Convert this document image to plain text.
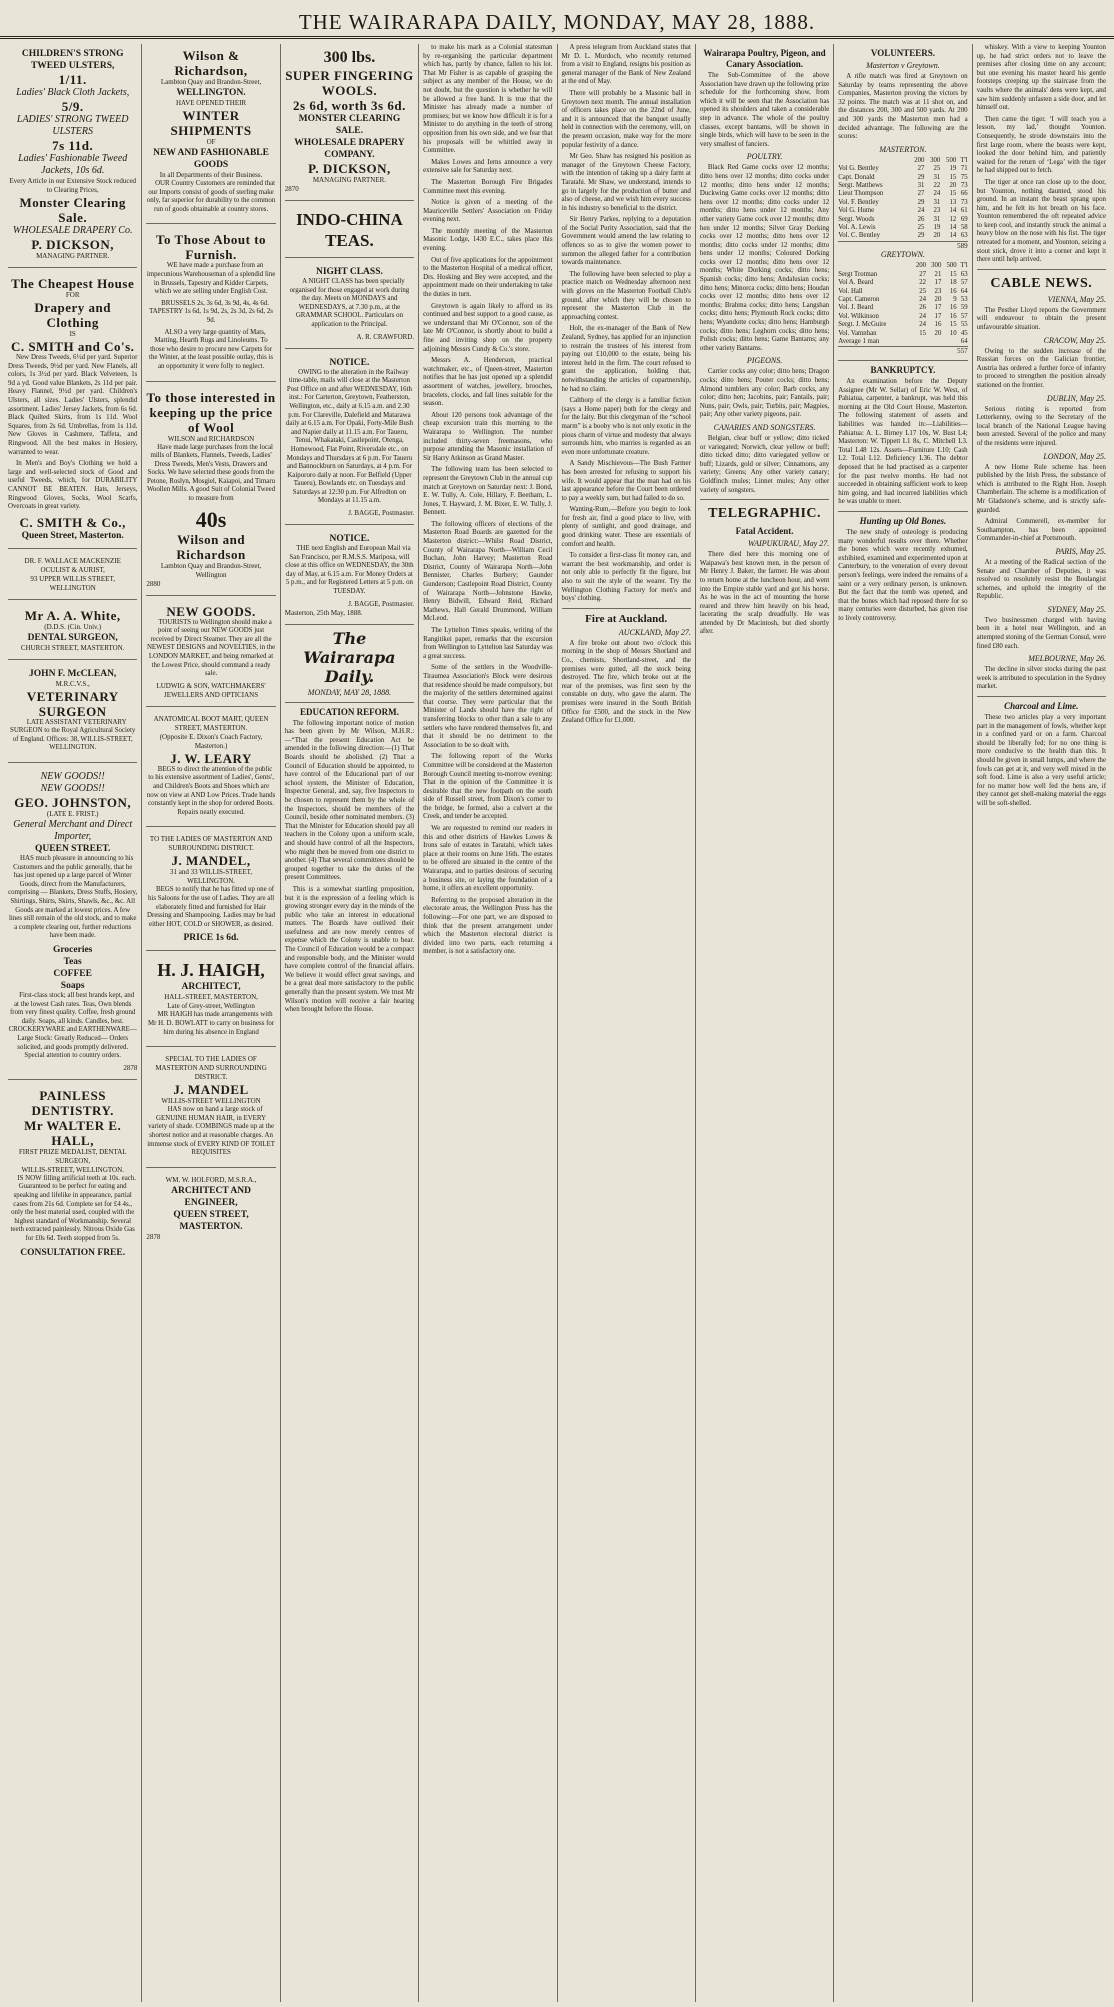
THE WAIRARAPA DAILY, MONDAY, MAY 28, 1888.
CHILDREN'S STRONG TWEED ULSTERS,
1/11.
Ladies' Black Cloth Jackets,
5/9.
LADIES' STRONG TWEED ULSTERS
7s 11d.
Ladies' Fashionable Tweed Jackets, 10s 6d.
Every Article in our Extensive Stock reduced to Clearing Prices,
Monster Clearing Sale.
WHOLESALE DRAPERY Co.
P. DICKSON,
MANAGING PARTNER.
The Cheapest House
FOR
Drapery and Clothing
IS
C. SMITH and Co's.

New Dress Tweeds, 6½d per yard. Superior Dress Tweeds, 9½d per yard. New Flanels, all colors, 1s 3½d per yard. Black Velveteen, 1s 9d a yd. Good value Blankets, 2s 11d per pair. Heavy Flannel, 9½d per yard. Children's Ulsters, all sizes. Ladies' Ulsters, splendid assortment. Ladies' Jersey Jackets, from 6s 6d. Black Quilted Skirts, from 1s 11d. Wool Squares, from 2s 6d. Umbrellas, from 1s 11d. New Gloves in Cashmere, Taffeta, and Ringwood. All the best makes in Hosiery, warranted to wear.

In Men's and Boy's Clothing we hold a large and well-selected stock of Good and useful Tweeds, which, for DURABILITY CANNOT BE BEATEN. Hats, Jerseys, Ringwood Gloves, Socks, Wool Scarfs, Overcoats in great variety.

C. SMITH & Co.,
Queen Street, Masterton.
DR. F. WALLACE MACKENZIE
OCULIST & AURIST,
93 UPPER WILLIS STREET, WELLINGTON
Mr A. A. White,
(D.D.S. (Cin. Univ.)
DENTAL SURGEON,
CHURCH STREET, MASTERTON.
JOHN F. McCLEAN,
M.R.C.V.S.,
VETERINARY SURGEON

LATE ASSISTANT VETERINARY SURGEON to the Royal Agricultural Society of England. Offices: 38, WILLIS-STREET, WELLINGTON.

NEW GOODS!!
NEW GOODS!!
GEO. JOHNSTON,
(LATE E. FRIST.)
General Merchant and Direct Importer,
QUEEN STREET.

HAS much pleasure in announcing to his Customers and the public generally, that he has just opened up a large parcel of Winter Goods, direct from the Manufacturers, comprising — Blankets, Dress Stuffs, Hosiery, Shirtings, Shirts, Skirts, Shawls, &c., &c. All Goods are marked at lowest prices. A few lines still remain of the old stock, and to make a complete clearing out, further reductions have been made.

Groceries
Teas
COFFEE
Soaps

First-class stock; all best brands kept, and at the lowest Cash rates. Teas, Own blends from very finest quality. Coffee, fresh ground daily. Soaps, all kinds. Candles, best. CROCKERYWARE and EARTHENWARE—Large Stock: Greatly Reduced— Orders solicited, and goods promptly delivered. Special attention to country orders.

2878
PAINLESS DENTISTRY.
Mr WALTER E. HALL,
FIRST PRIZE MEDALIST, DENTAL SURGEON,
WILLIS-STREET, WELLINGTON.

IS NOW filling artificial teeth at 10s. each. Guaranteed to be perfect for eating and speaking and lifelike in appearance, partial cases from 21s 6d. Complete set for £4 4s., only the best material used, coupled with the highest standard of Workmanship. Several teeth extracted painlessly. Nitrous Oxide Gas for £0s 6d. Teeth stopped from 5s.

CONSULTATION FREE.
Wilson & Richardson,
Lambton Quay and Brandon-Street,
WELLINGTON.
HAVE OPENED THEIR
WINTER SHIPMENTS
OF
NEW AND FASHIONABLE GOODS
In all Departments of their Business.

OUR Country Customers are reminded that our Imports consist of goods of sterling make only, far superior for durability to the common run of goods obtainable at country stores.

To Those About to Furnish.

WE have made a purchase from an impecunious Warehouseman of a splendid line in Brussels, Tapestry and Kidder Carpets, which we are selling under English Cost.

BRUSSELS 2s, 3s 6d, 3s 9d, 4s, 4s 6d. TAPESTRY 1s 6d, 1s 9d, 2s, 2s 3d, 2s 6d, 2s 9d.

ALSO a very large quantity of Mats, Matting, Hearth Rugs and Linoleums. To those who desire to procure new Carpets for the Winter, at the least possible outlay, this is an opportunity it were folly to neglect.

To those interested in keeping up the price of Wool
WILSON and RICHARDSON

Have made large purchases from the local mills of Blankets, Flannels, Tweeds, Ladies' Dress Tweeds, Men's Vests, Drawers and Socks. We have selected these goods from the Petone, Roslyn, Mosgiel, Kaiapoi, and Timaru Woollen Mills. A good Suit of Colonial Tweed to measure from

40s
Wilson and Richardson
Lambton Quay and Brandon-Street, Wellington
2880
NEW GOODS.

TOURISTS to Wellington should make a point of seeing our NEW GOODS just received by Direct Steamer. They are all the NEWEST DESIGNS and NOVELTIES, in the LONDON MARKET, and being remarked at the Lowest Price, should command a ready sale.

LUDWIG & SON, WATCHMAKERS' JEWELLERS AND OPTICIANS
ANATOMICAL BOOT MART, QUEEN STREET, MASTERTON.
(Opposite E. Dixon's Coach Factory, Masterton.)
J. W. LEARY

BEGS to direct the attention of the public to his extensive assortment of Ladies', Gents', and Children's Boots and Shoes which are now on view at AND Low Prices. Trade hands constantly kept in the shop for ordered Boots. Repairs neatly executed.

TO THE LADIES OF MASTERTON AND SURROUNDING DISTRICT.
J. MANDEL,
31 and 33 WILLIS-STREET, WELLINGTON.

BEGS to notify that he has fitted up one of his Saloons for the use of Ladies. They are all elaborately fitted and furnished for Hair Dressing and Shampooing. Ladies may be had either HOT, COLD or SHOWER, as desired.

PRICE 1s 6d.
H. J. HAIGH,
ARCHITECT,
HALL-STREET, MASTERTON,
Late of Grey-street, Wellington

MR HAIGH has made arrangements with Mr H. D. BOWLATT to carry on business for him during his absence in England

SPECIAL TO THE LADIES OF MASTERTON AND SURROUNDING DISTRICT.
J. MANDEL
WILLIS-STREET WELLINGTON

HAS now on hand a large stock of GENUINE HUMAN HAIR, in EVERY variety of shade. COMBINGS made up at the shortest notice and at reasonable charges. An immense stock of EVERY KIND OF TOILET REQUISITES

WM. W. HOLFORD, M.S.R.A.,
ARCHITECT AND ENGINEER,
QUEEN STREET, MASTERTON.
2878
300 lbs.
SUPER FINGERING WOOLS.
2s 6d, worth 3s 6d.
MONSTER CLEARING SALE.
WHOLESALE DRAPERY COMPANY.
P. DICKSON,
MANAGING PARTNER.
2870
INDO-CHINA TEAS.
NIGHT CLASS.

A NIGHT CLASS has been specially organised for those engaged at work during the day. Meets on MONDAYS and WEDNESDAYS, at 7.30 p.m., at the GRAMMAR SCHOOL. Particulars on application to the Principal.

A. R. CRAWFORD.
NOTICE.

OWING to the alteration in the Railway time-table, mails will close at the Masterton Post Office on and after WEDNESDAY, 16th inst.: For Carterton, Greytown, Featherston, Wellington, etc., daily at 6.15 a.m. and 2.30 p.m. For Clareville, Dalefield and Matarawa daily at 6.15 a.m. For Opaki, Forty-Mile Bush and Napier daily at 11.15 a.m. For Taueru, Tenui, Whakataki, Castlepoint, Otenga, Homewood, Flat Point, Riversdale etc., on Mondays and Thursdays at 6 p.m. For Taueru and Bannockburn on Saturdays, at 4 p.m. For Kaipororo daily at noon. For Belfield (Upper Taueru), Bowlands etc. on Tuesdays and Saturdays at 12:30 p.m. For Alfredton on Mondays at 11.15 a.m.

J. BAGGE, Postmaster.
NOTICE.

THE next English and European Mail via San Francisco, per R.M.S.S. Mariposa, will close at this office on WEDNESDAY, the 30th day of May, at 6.15 a.m. For Money Orders at 5 p.m., and for Registered Letters at 5 p.m. on TUESDAY.

J. BAGGE, Postmaster.
Masterton, 25th May, 1888.
The Wairarapa Daily.
MONDAY, MAY 28, 1888.
EDUCATION REFORM.

The following important notice of motion has been given by Mr Wilson, M.H.R.:—“That the present Education Act be amended in the following direction:—(1) That Boards should be abolished. (2) That a Council of Education should be appointed, to have control of the Educational part of our school system, the Minister of Education, Inspector General, and, say, five Inspectors to be chosen to represent them by the whole of the Inspectors, should be members of the Council, beside other nominated members. (3) That the Minister for Education should pay all teachers in the Colony upon a uniform scale, and should have control of all the Inspectors, who might then be moved from one district to another. (4) That several committees should be grouped together to take the duties of the present Committees.

This is a somewhat startling proposition, but it is the expression of a feeling which is growing stronger every day in the minds of the public who take an interest in educational matters. The Boards have outlived their usefulness and are now merely centres of expense which the Colony is unable to bear. The Council of Education would be a compact and responsible body, and the Minister would have complete control of the financial affairs. We believe it would effect great savings, and be a great deal more satisfactory to the public generally than the present system. We trust Mr Wilson's motion will receive a fair hearing when brought before the House.

to make his mark as a Colonial statesman by re-organising the particular department which has, partly by chance, fallen to his lot. That Mr Fisher is as capable of grasping the subject as any member of the House, we do not doubt, but the question is whether he will be allowed a free hand. It is true that the Minister has already made a number of promises; but we know how difficult it is for a Minister to do anything in the teeth of strong opposition from his own side, and we fear that his proposals will be whittled away in Committee.

Makes Lowes and Ierns announce a very extensive sale for Saturday next.

The Masterton Borough Fire Brigades Committee meet this evening.

Notice is given of a meeting of the Mauriceville Settlers' Association on Friday evening next.

The monthly meeting of the Masterton Masonic Lodge, 1430 E.C., takes place this evening.

Out of five applications for the appointment to the Masterton Hospital of a medical officer, Drs. Hosking and Bey were accepted, and the appointment made on their undertaking to take the duties in turn.

Greytown is again likely to afford us its continued and best support to a good cause, as we understand that Mr O'Connor, son of the late Mr O'Connor, is shortly about to build a fine and inviting shop on the property adjoining Messrs Cundy & Co.'s store.

Messrs A. Henderson, practical watchmaker, etc., of Queen-street, Masterton notifies that he has just opened up a splendid assortment of watches, jewellery, brooches, bracelets, clocks, and fall lines suitable for the season.

About 120 persons took advantage of the cheap excursion train this morning to the Wairarapa to Wellington. The number included thirty-seven freemasons, who purpose attending the Masonic installation of Sir Harry Atkinson as Grand Master.

The following team has been selected to represent the Greytown Club in the annual cup match at Greytown on Saturday next: J. Bond, E. W. Tully, A. Cole, Hillary, F. Beetham, L. Jones, T. Hayward, J. M. Bixer, E. W. Tully, J. Bennett.

The following officers of elections of the Masterton Road Boards are gazetted for the Masterton district:—Whilst Road District, County of Wairarapa North—William Cecil Buchan, John Harvey; Masterton Road District, County of Wairarapa North—John Bennister, Charles Burbery; Gaunder Gunderson; Castlepoint Road District, County of Wairarapa North—Johnstone Hawke, Henry Bidwill, Edward Reid, Richard Mathews, Hall Gerald Drummond, William McLeod.

The Lyttelton Times speaks, writing of the Rangitikei paper, remarks that the excursion from Wellington to Lyttelton last Saturday was a great success.

Some of the settlers in the Woodville-Tiraumea Association's Block were desirous that residence should be made compulsory, but the majority of the settlers determined against that course. They were particular that the Minister of Lands should have the right of transferring blocks to other than a sale to any settlers who have rendered themselves fit, and that it should be no detriment to the Association to be so dealt with.

The following report of the Works Committee will be considered at the Masterton Borough Council meeting to-morrow evening: That in the opinion of the Committee it is desirable that the new footpath on the south side of Russell street, from Dixon's corner to the bridge, be formed, also a culvert at the Creek, and tender be accepted.

We are requested to remind our readers in this and other districts of Hawkes Lowes & Irons sale of estates in Taratahi, which takes place at their rooms on June 16th. The estates to be offered are situated in the centre of the Wairarapa, and to parties desirous of securing a business site, or laying the foundation of a home, it offers an excellent opportunity.

Referring to the proposed alteration in the electorate areas, the Wellington Press has the following:—For one part, we are disposed to think that the present arrangement under which the Masterton electoral district is divided into two parts, each returning a member, is not a satisfactory one.

A press telegram from Auckland states that Mr D. L. Murdoch, who recently returned from a visit to England, resigns his position as general manager of the Bank of New Zealand at the end of May.

There will probably be a Masonic ball in Greytown next month. The annual installation of officers takes place on the 22nd of June, and it is announced that the banquet usually held in connection with the ceremony, will, on the present occasion, make way for the more popular festivity of a dance.

Mr Geo. Shaw has resigned his position as manager of the Greytown Cheese Factory, with the intention of taking up a dairy farm at Taratahi. Mr Shaw, we understand, intends to go in largely for the production of butter and also of cheese, and we wish him every success in his industry so beneficial to the district.

Sir Henry Parkes, replying to a deputation of the Social Purity Association, said that the Government would amend the law relating to offences so as to give the women power to summon the alleged father for a contribution towards maintenance.

The following have been selected to play a practice match on Wednesday afternoon next with gloves on the Masterton Football Club's ground, after which they will be chosen to represent the Masterton Club in the approaching contest.

Holt, the ex-manager of the Bank of New Zealand, Sydney, has applied for an injunction to restrain the trustees of his interest from paying out £10,000 to the estate, being his interest held in the firm. The court refused to grant the application, holding that, notwithstanding the articles of copartnership, he had no claim.

Calthorp of the clergy is a familiar fiction (says a Home paper) both for the clergy and for the laity. But this clergyman of the “school marm” is a booby who is not only exotic in the pious charm of virtue and modesty that always surrounds him, who marries is regarded as an even more unfortunate creature.

A Sandy Mischievous—The Bush Farmer has been arrested for refusing to support his wife. It would appear that the man had on his last appearance before the Court been ordered to pay a weekly sum, but had failed to do so.

Wanting-Rum,—Before you begin to look for fresh air, find a good place to live, with plenty of sunlight, and good drainage, and good drinking water. These are essentials of comfort and health.

To consider a first-class fit money can, and warrant the best workmanship, and order is not only able to perfectly fit the figure, but also to suit the style of the wearer. Try the Wellington Clothing Factory for men's and boys' clothing.

Fire at Auckland.
AUCKLAND, May 27.

A fire broke out about two o'clock this morning in the shop of Messrs Shorland and Co., chemists, Shortland-street, and the premises were gutted, all the stock being destroyed. The fire, which broke out at the rear of the premises, was first seen by the constable on duty, who gave the alarm. The premises were insured in the South British Office for £500, and the stock in the New Zealand Office for £1,000.

Wairarapa Poultry, Pigeon, and Canary Association.

The Sub-Committee of the above Association have drawn up the following prize schedule for the forthcoming show, from which it will be seen that the Association has opened its shoulders and taken a considerable step in advance. The whole of the poultry classes, except bantams, will be shown in single birds, which will have to be seen in the very smallest of fanciers.

POULTRY.

Black Red Game cocks over 12 months; ditto hens over 12 months; ditto cocks under 12 months; ditto hens under 12 months; Duckwing Game cocks over 12 months; ditto hens over 12 months; ditto cocks under 12 months; ditto hens under 12 months; Any other variety Game cock over 12 months; ditto hen under 12 months; Silver Gray Dorking cocks over 12 months; ditto hens over 12 months; ditto cocks under 12 months; ditto hens under 12 months; Coloured Dorking cocks over 12 months; ditto hens over 12 months; White Dorking cocks; ditto hens; Spanish cocks; ditto hens; Andalusian cocks; ditto hens; Minorca cocks; ditto hens; Houdan cocks over 12 months; ditto hens over 12 months; Brahma cocks; ditto hens; Langshan cocks; ditto hens; Plymouth Rock cocks; ditto hens; Wyandotte cocks; ditto hens; Hamburgh cocks; ditto hens; Leghorn cocks; ditto hens; Polish cocks; ditto hens; Game Bantams; any other variety Bantams.

PIGEONS.

Carrier cocks any color; ditto hens; Dragon cocks; ditto hens; Pouter cocks; ditto hens; Almond tumblers any color; Barb cocks, any color; ditto hen; Jacobins, pair; Fantails, pair; Nuns, pair; Owls, pair; Turbits, pair; Magpies, pair; Any other variety pigeons, pair.

CANARIES AND SONGSTERS.

Belgian, clear buff or yellow; ditto ticked or variegated; Norwich, clear yellow or buff; ditto ticked ditto; ditto variegated yellow or buff; Lizards, gold or silver; Cinnamons, any variety; Greens; Any other variety canary; Goldfinch mules; Linnet mules; Any other variety of songsters.

TELEGRAPHIC.
Fatal Accident.
WAIPUKURAU, May 27.

There died here this morning one of Waipawa's best known men, in the person of Mr Henry J. Baker, the farmer. He was about to return home at the luncheon hour, and went into the Empire stable yard and got his horse. As he was in the act of mounting the horse reared and threw him heavily on his head, lacerating the scalp dreadfully. He was attended by Dr Macintosh, but died shortly after.

VOLUNTEERS.
Masterton v Greytown.

A rifle match was fired at Greytown on Saturday by teams representing the above Companies, Masterton proving the victors by 32 points. The match was at 11 shot on, and the distances 200, 300 and 500 yards. At 200 and 300 yards the Masterton men had a decided advantage. The following are the scores:

MASTERTON.
	200	300	500	T'l
Vol G. Bentley	27	25	19	71
Capt. Donald	29	31	15	75
Sergt. Matthews	31	22	20	73
Lieut Thompson	27	24	15	66
Vol. F. Bentley	29	31	13	73
Vol G. Hume	24	23	14	61
Sergt. Woods	26	31	12	69
Vol. A. Lewis	25	19	14	58
Vol. C. Bentley	29	20	14	63
589
GREYTOWN.
	200	300	500	T'l
Sergt Trotman	27	21	15	63
Vol A. Beard	22	17	18	57
Vol. Hall	25	23	16	64
Capt. Cameron	24	20	9	53
Vol. J. Beard	26	17	16	59
Vol. Wilkinson	24	17	16	57
Sergt. J. McGuire	24	16	15	55
Vol. Vamnhan	15	20	10	45
Average 1 man				64
557
BANKRUPTCY.

An examination before the Deputy Assignee (Mr W. Sellar) of Eric W. West, of Pahiatua, carpenter, a bankrupt, was held this morning at the Old Court House, Masterton. The following statement of assets and liabilities was handed in:—Liabilities— Pahiatua: A. L. Birney L17 10s, W. Bust L4; Masterton: W. Tippett L1 8s, C. Mitchell L3. Total L48 12s. Assets—Furniture L10; Cash L2. Total L12. Deficiency L36. The debtor deposed that he had practised as a carpenter for the past twelve months. He had not succeeded in obtaining sufficient work to keep him going, and had incurred liabilities which he was unable to meet.

Hunting up Old Bones.

The new study of osteology is producing many wonderful results over there. Whether the bones which were recently exhumed, exhibited, examined and experimented upon at Canterbury, to the veneration of every devout person's feelings, were indeed the remains of a saint or a very ordinary person, is unknown. But the fact that the tomb was opened, and that the bones which had reposed there for so many centuries were disturbed, has given rise to lively controversy.

whiskey. With a view to keeping Younton up, he had strict orders not to leave the premises after closing time on any account; but one evening his master heard his gentle footsteps creeping up the staircase from the vaults where the animals' dens were kept, and saw him suddenly unfasten a side door, and let himself out.

Then came the tiger. ‘I will teach you a lesson, my lad,’ thought Younton. Consequently, he strode downstairs into the first large room, where the beasts were kept, looked the door behind him, and patiently waited for the return of ‘Lega’ with the tiger he had shipped out to fetch.

The tiger at once ran close up to the door, but Younton, nothing daunted, stood his ground. In an instant the beast sprang upon him, and he felt its hot breath on his face. Younton remembered the oft repeated advice to keep cool, and instantly struck the animal a heavy blow on the nose with his fist. The tiger retreated for a moment, and Younton, seizing a stout stick, drove it into a corner and kept it there until help arrived.

CABLE NEWS.
VIENNA, May 25.

The Pesther Lloyd reports the Government will endeavour to obtain the present unfavourable situation.

CRACOW, May 25.

Owing to the sudden increase of the Russian forces on the Galician frontier, Austria has ordered a further force of infantry to proceed to strengthen the position already stationed on the frontier.

DUBLIN, May 25.

Serious rioting is reported from Letterkenny, owing to the Secretary of the local branch of the National League having been arrested. Several of the police and many of the residents were injured.

LONDON, May 25.

A new Home Rule scheme has been published by the Irish Press, the substance of which is attributed to the Right Hon. Joseph Chamberlain. The scheme is a modification of Mr Gladstone's scheme, and is strictly safe-guarded.

Admiral Commerell, ex-member for Southampton, has been appointed Commander-in-chief at Portsmouth.

PARIS, May 25.

At a meeting of the Radical section of the Senate and Chamber of Deputies, it was resolved to resolutely resist the Boulangist schemes, and uphold the integrity of the Republic.

SYDNEY, May 25.

Two businessmen charged with having been in a hotel near Wellington, and an attempted stoning of the German Consul, were fined £80 each.

MELBOURNE, May 26.

The decline in silver stocks during the past week is attributed to speculation in the Sydney market.

Charcoal and Lime.

These two articles play a very important part in the management of fowls, whether kept in a confined yard or on a farm. Charcoal should be liberally fed; for no one thing is more conducive to the health than this. It should be given in small lumps, and where the fowls can get at it, and very well mixed in the soft food. Lime is also a very useful article; for no matter how well fed the hens are, if they cannot get shell-making material the eggs will be soft-shelled.
